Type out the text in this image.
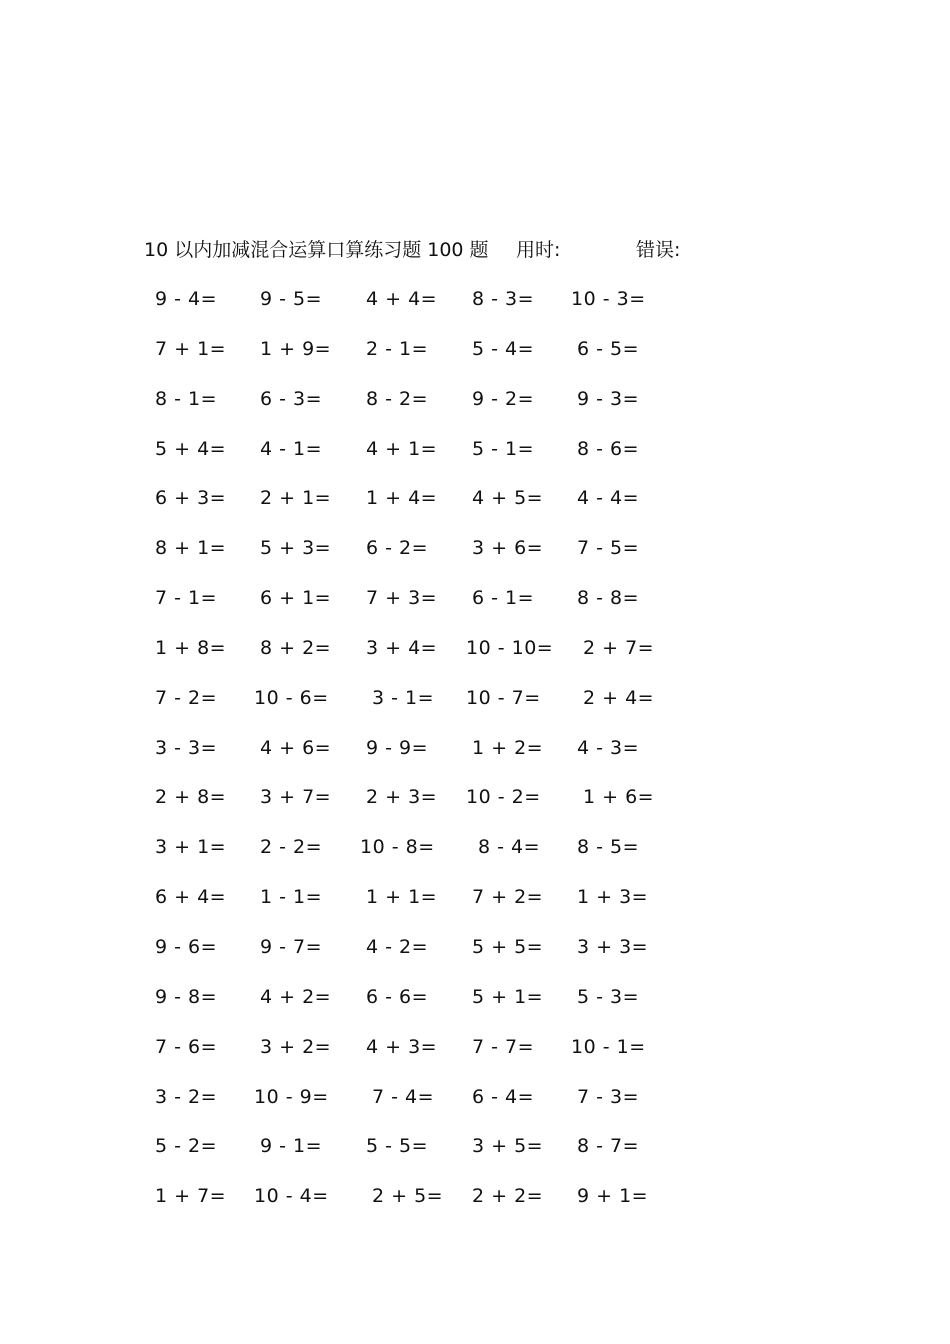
10 以内加减混合运算口算练习题 100 题 用时:	错误:
9 - 4= 9 - 5= 4 + 4= 8 - 3= 10 - 3=
7 + 1= 1 + 9= 2 - 1= 5 - 4= 6 - 5=
8 - 1= 6 - 3= 8 - 2= 9 - 2= 9 - 3=
5 + 4= 4 - 1= 4 + 1= 5 - 1= 8 - 6=
6 + 3= 2 + 1= 1 + 4= 4 + 5= 4 - 4=
8 + 1= 5 + 3= 6 - 2= 3 + 6= 7 - 5=
7 - 1= 6 + 1= 7 + 3= 6 - 1= 8 - 8=
1 + 8= 8 + 2= 3 + 4= 10 - 10= 2 + 7=
7 - 2= 10 - 6= 3 - 1= 10 - 7= 2 + 4=
3 - 3= 4 + 6= 9 - 9= 1 + 2= 4 - 3=
2 + 8= 3 + 7= 2 + 3= 10 - 2= 1 + 6=
3 + 1= 2 - 2= 10 - 8= 8 - 4= 8 - 5=
6 + 4= 1 - 1= 1 + 1= 7 + 2= 1 + 3=
9 - 6= 9 - 7= 4 - 2= 5 + 5= 3 + 3=
9 - 8= 4 + 2= 6 - 6= 5 + 1= 5 - 3=
7 - 6= 3 + 2= 4 + 3= 7 - 7= 10 - 1=
3 - 2= 10 - 9= 7 - 4= 6 - 4= 7 - 3=
5 - 2= 9 - 1= 5 - 5= 3 + 5= 8 - 7=
1 + 7= 10 - 4= 2 + 5= 2 + 2= 9 + 1=
